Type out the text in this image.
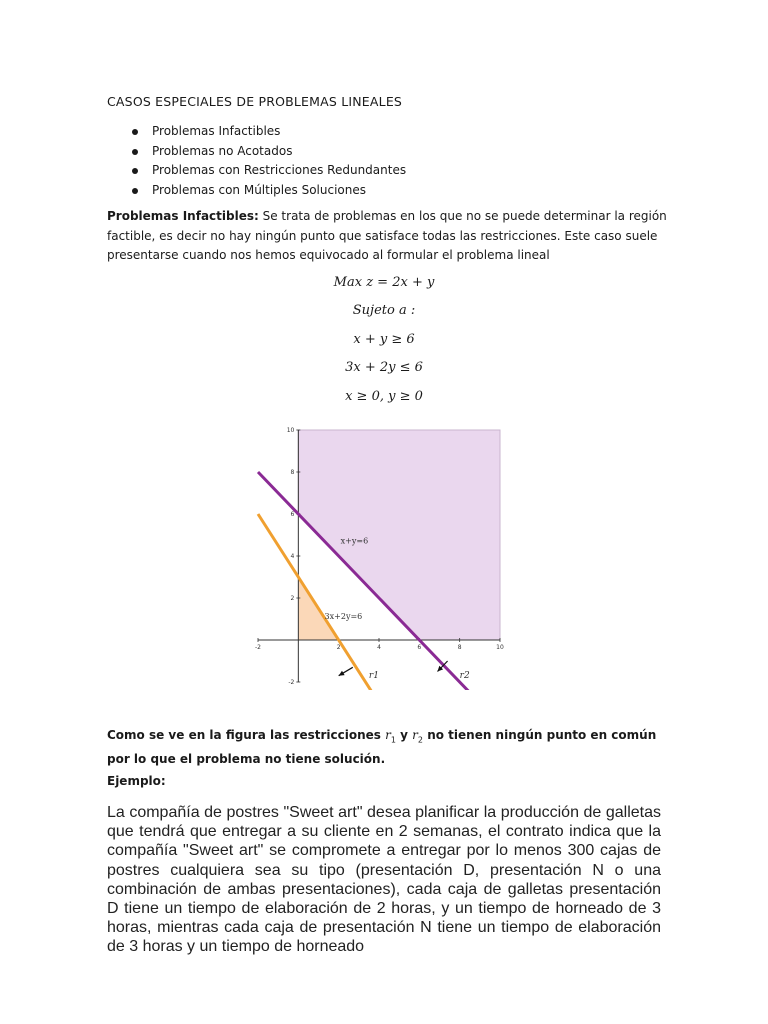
CASOS ESPECIALES DE PROBLEMAS LINEALES
Problemas Infactibles
Problemas no Acotados
Problemas con Restricciones Redundantes
Problemas con Múltiples Soluciones

Problemas Infactibles: Se trata de problemas en los que no se puede determinar la región factible, es decir no hay ningún punto que satisface todas las restricciones. Este caso suele presentarse cuando nos hemos equivocado al formular el problema lineal

Max z = 2x + y
Sujeto a :
x + y ≥ 6
3x + 2y ≤ 6
x ≥ 0, y ≥ 0
-2	2	4	6	8	10
-2
2
4
6
8
10
x+y=6
3x+2y=6
r1	r2

Como se ve en la figura las restricciones $r_1$ y $r_2$ no tienen ningún punto en común por lo que el problema no tiene solución.

Ejemplo:

La compañía de postres "Sweet art" desea planificar la producción de galletas que tendrá que entregar a su cliente en 2 semanas, el contrato indica que la compañía "Sweet art" se compromete a entregar por lo menos 300 cajas de postres cualquiera sea su tipo (presentación D, presentación N o una combinación de ambas presentaciones), cada caja de galletas presentación D tiene un tiempo de elaboración de 2 horas, y un tiempo de horneado de 3 horas, mientras cada caja de presentación N tiene un tiempo de elaboración de 3 horas y un tiempo de horneado
